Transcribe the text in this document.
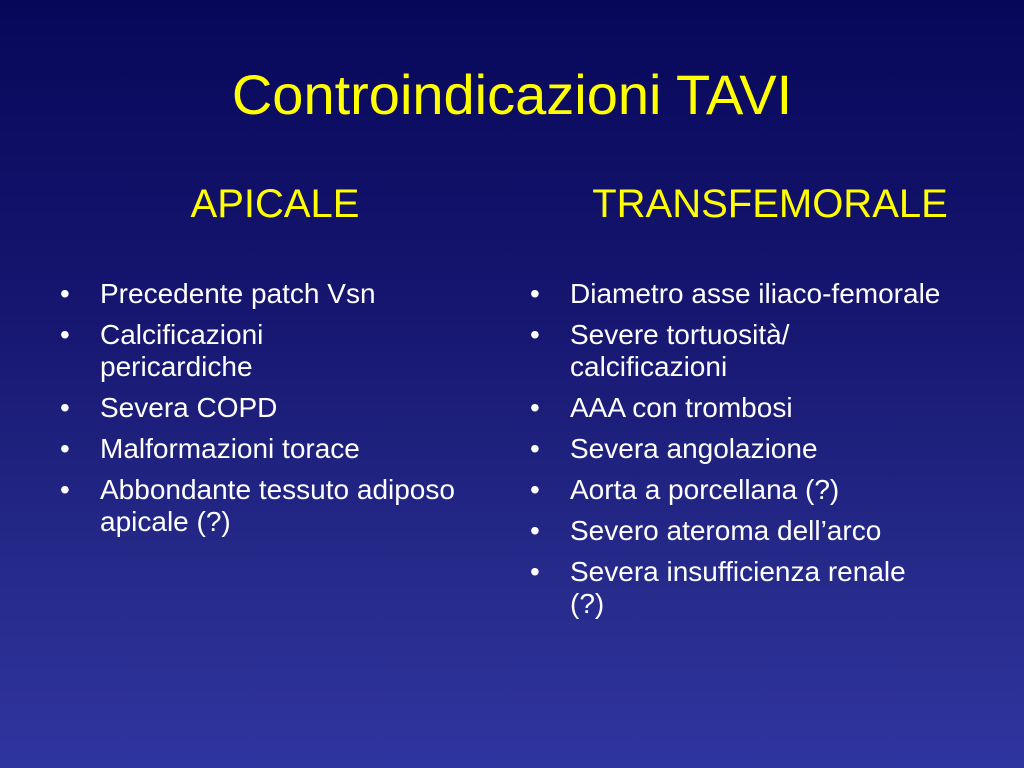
Controindicazioni TAVI
APICALE	TRANSFEMORALE
• Precedente patch Vsn
• Calcificazioni pericardiche
• Severa COPD
• Malformazioni torace
• Abbondante tessuto adiposo apicale (?)
• Diametro asse iliaco-femorale
• Severe tortuosità/ calcificazioni
• AAA con trombosi
• Severa angolazione
• Aorta a porcellana (?)
• Severo ateroma dell’arco
• Severa insufficienza renale (?)
